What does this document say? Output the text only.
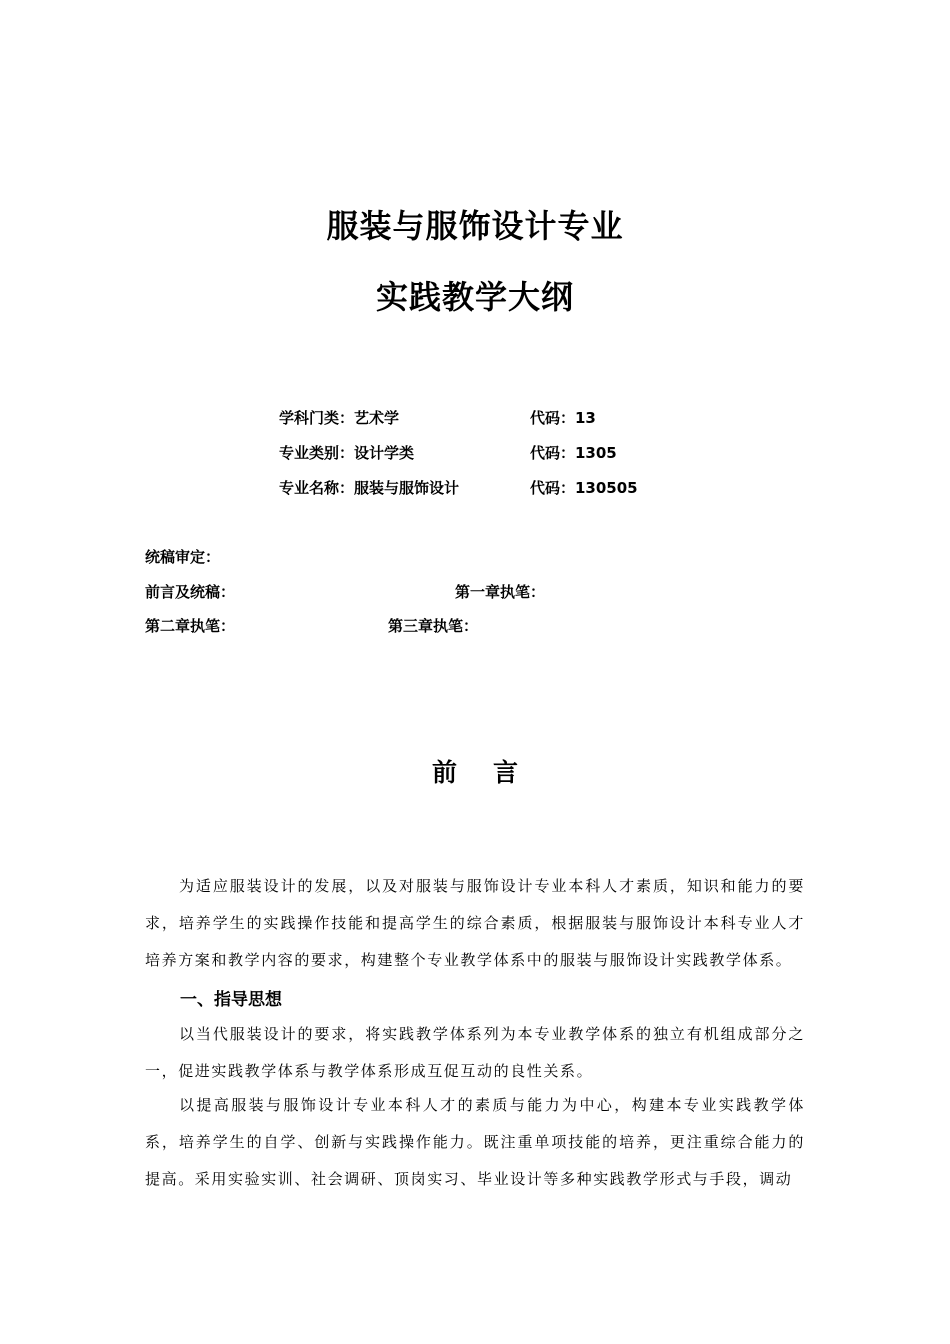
服装与服饰设计专业
实践教学大纲
学科门类：艺术学	代码：13
专业类别：设计学类	代码：1305
专业名称：服装与服饰设计	代码：130505
统稿审定：
前言及统稿：	第一章执笔：
第二章执笔：	第三章执笔：
前言

为适应服装设计的发展，以及对服装与服饰设计专业本科人才素质，知识和能力的要求，培养学生的实践操作技能和提高学生的综合素质，根据服装与服饰设计本科专业人才培养方案和教学内容的要求，构建整个专业教学体系中的服装与服饰设计实践教学体系。

一、指导思想

以当代服装设计的要求，将实践教学体系列为本专业教学体系的独立有机组成部分之一，促进实践教学体系与教学体系形成互促互动的良性关系。

以提高服装与服饰设计专业本科人才的素质与能力为中心，构建本专业实践教学体系，培养学生的自学、创新与实践操作能力。既注重单项技能的培养，更注重综合能力的提高。采用实验实训、社会调研、顶岗实习、毕业设计等多种实践教学形式与手段，调动
